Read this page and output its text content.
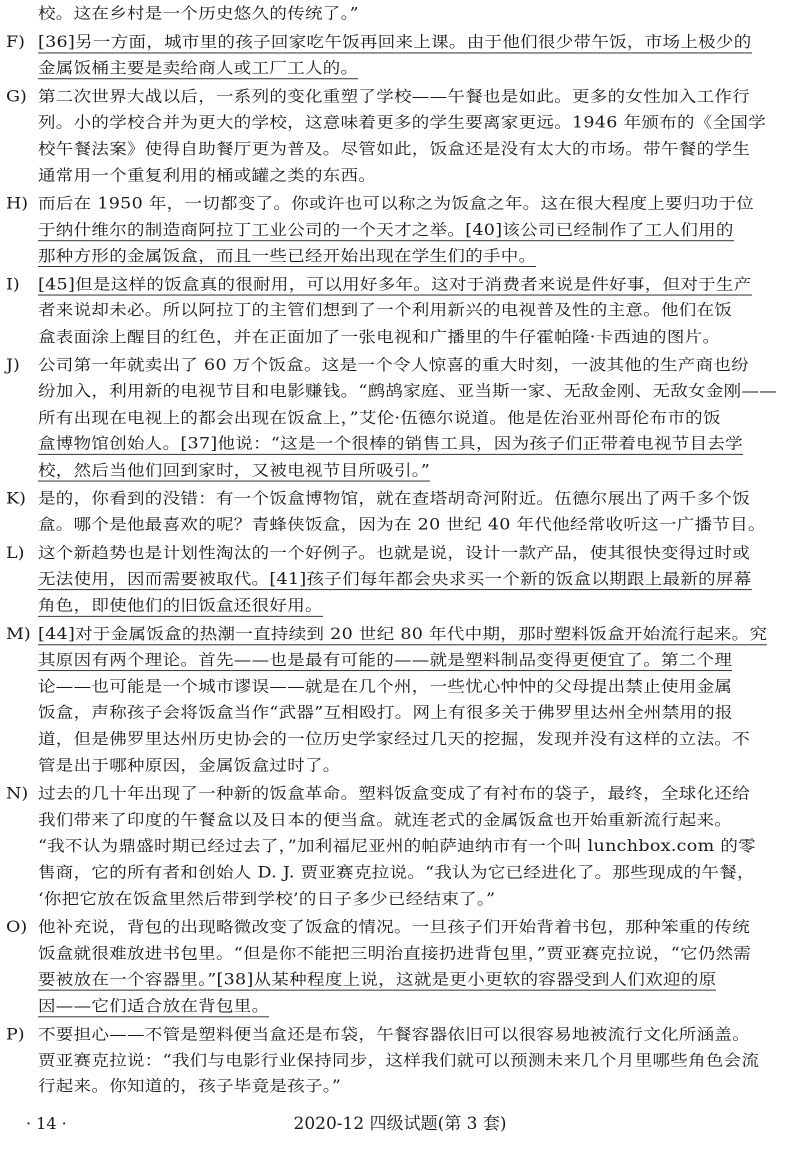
校。这在乡村是一个历史悠久的传统了。”
F) [36]另一方面，城市里的孩子回家吃午饭再回来上课。由于他们很少带午饭，市场上极少的
金属饭桶主要是卖给商人或工厂工人的。
G) 第二次世界大战以后，一系列的变化重塑了学校——午餐也是如此。更多的女性加入工作行
列。小的学校合并为更大的学校，这意味着更多的学生要离家更远。1946 年颁布的《全国学
校午餐法案》使得自助餐厅更为普及。尽管如此，饭盒还是没有太大的市场。带午餐的学生
通常用一个重复利用的桶或罐之类的东西。
H) 而后在 1950 年，一切都变了。你或许也可以称之为饭盒之年。这在很大程度上要归功于位
于纳什维尔的制造商阿拉丁工业公司的一个天才之举。[40]该公司已经制作了工人们用的
那种方形的金属饭盒，而且一些已经开始出现在学生们的手中。
I) [45]但是这样的饭盒真的很耐用，可以用好多年。这对于消费者来说是件好事，但对于生产
者来说却未必。所以阿拉丁的主管们想到了一个利用新兴的电视普及性的主意。他们在饭
盒表面涂上醒目的红色，并在正面加了一张电视和广播里的牛仔霍帕隆·卡西迪的图片。
J) 公司第一年就卖出了 60 万个饭盒。这是一个令人惊喜的重大时刻，一波其他的生产商也纷
纷加入，利用新的电视节目和电影赚钱。“鹧鸪家庭、亚当斯一家、无敌金刚、无敌女金刚——
所有出现在电视上的都会出现在饭盒上，”艾伦·伍德尔说道。他是佐治亚州哥伦布市的饭
盒博物馆创始人。[37]他说：“这是一个很棒的销售工具，因为孩子们正带着电视节目去学
校，然后当他们回到家时，又被电视节目所吸引。”
K) 是的，你看到的没错：有一个饭盒博物馆，就在查塔胡奇河附近。伍德尔展出了两千多个饭
盒。哪个是他最喜欢的呢？青蜂侠饭盒，因为在 20 世纪 40 年代他经常收听这一广播节目。
L) 这个新趋势也是计划性淘汰的一个好例子。也就是说，设计一款产品，使其很快变得过时或
无法使用，因而需要被取代。[41]孩子们每年都会央求买一个新的饭盒以期跟上最新的屏幕
角色，即使他们的旧饭盒还很好用。
M) [44]对于金属饭盒的热潮一直持续到 20 世纪 80 年代中期，那时塑料饭盒开始流行起来。究
其原因有两个理论。首先——也是最有可能的——就是塑料制品变得更便宜了。第二个理
论——也可能是一个城市谬误——就是在几个州，一些忧心忡忡的父母提出禁止使用金属
饭盒，声称孩子会将饭盒当作“武器”互相殴打。网上有很多关于佛罗里达州全州禁用的报
道，但是佛罗里达州历史协会的一位历史学家经过几天的挖掘，发现并没有这样的立法。不
管是出于哪种原因，金属饭盒过时了。
N) 过去的几十年出现了一种新的饭盒革命。塑料饭盒变成了有衬布的袋子，最终，全球化还给
我们带来了印度的午餐盒以及日本的便当盒。就连老式的金属饭盒也开始重新流行起来。
“我不认为鼎盛时期已经过去了，”加利福尼亚州的帕萨迪纳市有一个叫 lunchbox.com 的零
售商，它的所有者和创始人 D. J. 贾亚赛克拉说。“我认为它已经进化了。那些现成的午餐，
‘你把它放在饭盒里然后带到学校’的日子多少已经结束了。”
O) 他补充说，背包的出现略微改变了饭盒的情况。一旦孩子们开始背着书包，那种笨重的传统
饭盒就很难放进书包里。“但是你不能把三明治直接扔进背包里，”贾亚赛克拉说，“它仍然需
要被放在一个容器里。”[38]从某种程度上说，这就是更小更软的容器受到人们欢迎的原
因——它们适合放在背包里。
P) 不要担心——不管是塑料便当盒还是布袋，午餐容器依旧可以很容易地被流行文化所涵盖。
贾亚赛克拉说：“我们与电影行业保持同步，这样我们就可以预测未来几个月里哪些角色会流
行起来。你知道的，孩子毕竟是孩子。”
· 14 ·	2020-12 四级试题(第 3 套)
